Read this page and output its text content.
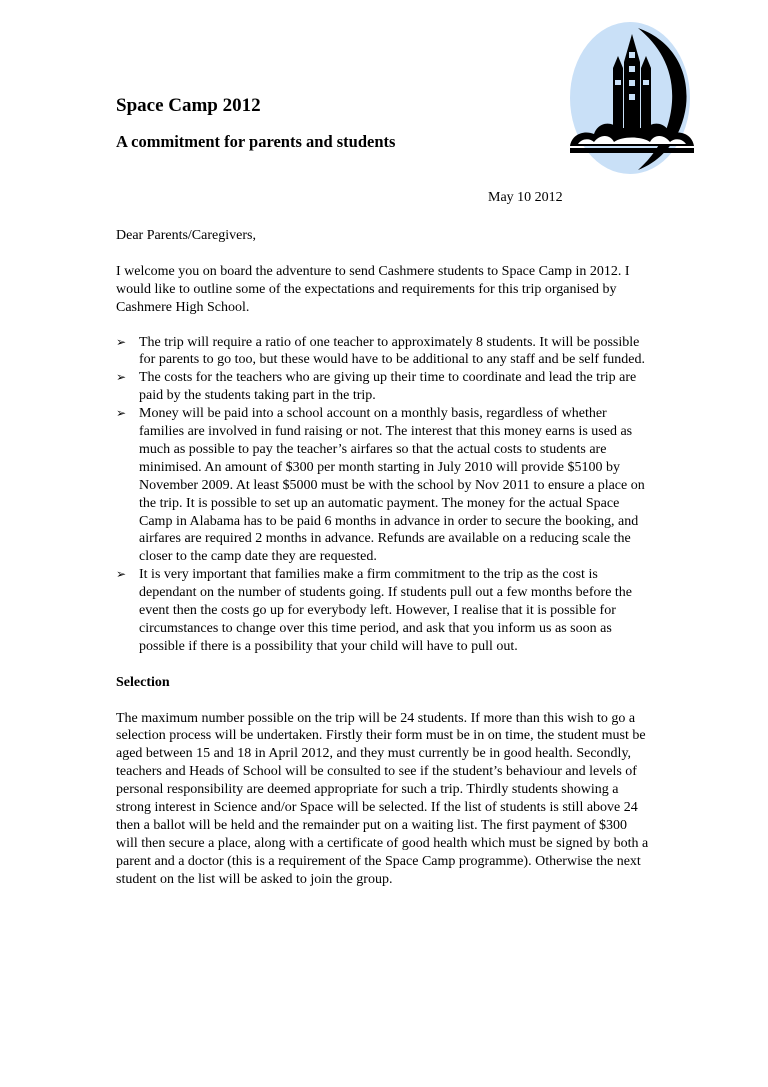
Space Camp 2012
A commitment for parents and students
May 10 2012

Dear Parents/Caregivers,

I welcome you on board the adventure to send Cashmere students to Space Camp in 2012. I would like to outline some of the expectations and requirements for this trip organised by Cashmere High School.

➢ The trip will require a ratio of one teacher to approximately 8 students. It will be possible for parents to go too, but these would have to be additional to any staff and be self funded.
➢ The costs for the teachers who are giving up their time to coordinate and lead the trip are paid by the students taking part in the trip.
➢ Money will be paid into a school account on a monthly basis, regardless of whether families are involved in fund raising or not. The interest that this money earns is used as much as possible to pay the teacher’s airfares so that the actual costs to students are minimised. An amount of $300 per month starting in July 2010 will provide $5100 by November 2009. At least $5000 must be with the school by Nov 2011 to ensure a place on the trip. It is possible to set up an automatic payment. The money for the actual Space Camp in Alabama has to be paid 6 months in advance in order to secure the booking, and airfares are required 2 months in advance. Refunds are available on a reducing scale the closer to the camp date they are requested.
➢ It is very important that families make a firm commitment to the trip as the cost is dependant on the number of students going. If students pull out a few months before the event then the costs go up for everybody left. However, I realise that it is possible for circumstances to change over this time period, and ask that you inform us as soon as possible if there is a possibility that your child will have to pull out.

Selection

The maximum number possible on the trip will be 24 students. If more than this wish to go a selection process will be undertaken. Firstly their form must be in on time, the student must be aged between 15 and 18 in April 2012, and they must currently be in good health. Secondly, teachers and Heads of School will be consulted to see if the student’s behaviour and levels of personal responsibility are deemed appropriate for such a trip. Thirdly students showing a strong interest in Science and/or Space will be selected. If the list of students is still above 24 then a ballot will be held and the remainder put on a waiting list. The first payment of $300 will then secure a place, along with a certificate of good health which must be signed by both a parent and a doctor (this is a requirement of the Space Camp programme). Otherwise the next student on the list will be asked to join the group.
